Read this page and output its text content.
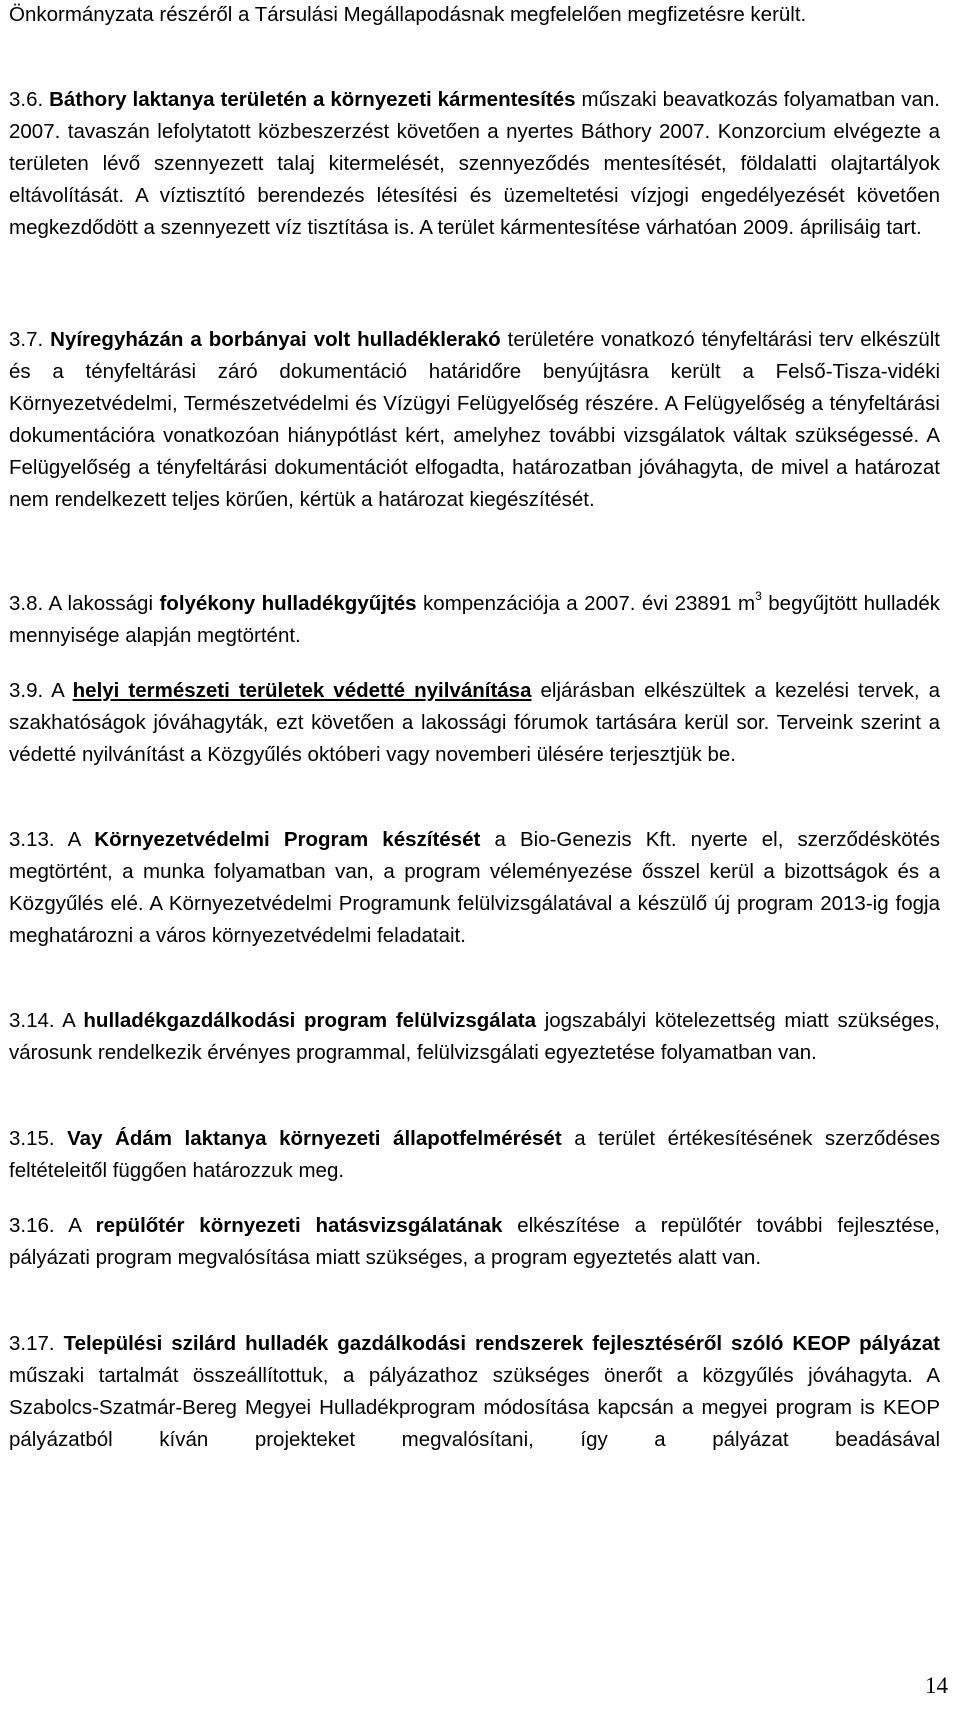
Önkormányzata részéről a Társulási Megállapodásnak megfelelően megfizetésre került.

3.6. Báthory laktanya területén a környezeti kármentesítés műszaki beavatkozás folyamatban van. 2007. tavaszán lefolytatott közbeszerzést követően a nyertes Báthory 2007. Konzorcium elvégezte a területen lévő szennyezett talaj kitermelését, szennyeződés mentesítését, földalatti olajtartályok eltávolítását. A víztisztító berendezés létesítési és üzemeltetési vízjogi engedélyezését követően megkezdődött a szennyezett víz tisztítása is. A terület kármentesítése várhatóan 2009. áprilisáig tart.

3.7. Nyíregyházán a borbányai volt hulladéklerakó területére vonatkozó tényfeltárási terv elkészült és a tényfeltárási záró dokumentáció határidőre benyújtásra került a Felső-Tisza-vidéki Környezetvédelmi, Természetvédelmi és Vízügyi Felügyelőség részére. A Felügyelőség a tényfeltárási dokumentációra vonatkozóan hiánypótlást kért, amelyhez további vizsgálatok váltak szükségessé. A Felügyelőség a tényfeltárási dokumentációt elfogadta, határozatban jóváhagyta, de mivel a határozat nem rendelkezett teljes körűen, kértük a határozat kiegészítését.

3.8. A lakossági folyékony hulladékgyűjtés kompenzációja a 2007. évi 23891 $m^3$ begyűjtött hulladék mennyisége alapján megtörtént.

3.9. A helyi természeti területek védetté nyilvánítása eljárásban elkészültek a kezelési tervek, a szakhatóságok jóváhagyták, ezt követően a lakossági fórumok tartására kerül sor. Terveink szerint a védetté nyilvánítást a Közgyűlés októberi vagy novemberi ülésére terjesztjük be.

3.13. A Környezetvédelmi Program készítését a Bio-Genezis Kft. nyerte el, szerződéskötés megtörtént, a munka folyamatban van, a program véleményezése ősszel kerül a bizottságok és a Közgyűlés elé. A Környezetvédelmi Programunk felülvizsgálatával a készülő új program 2013-ig fogja meghatározni a város környezetvédelmi feladatait.

3.14. A hulladékgazdálkodási program felülvizsgálata jogszabályi kötelezettség miatt szükséges, városunk rendelkezik érvényes programmal, felülvizsgálati egyeztetése folyamatban van.

3.15. Vay Ádám laktanya környezeti állapotfelmérését a terület értékesítésének szerződéses feltételeitől függően határozzuk meg.

3.16. A repülőtér környezeti hatásvizsgálatának elkészítése a repülőtér további fejlesztése, pályázati program megvalósítása miatt szükséges, a program egyeztetés alatt van.

3.17. Települési szilárd hulladék gazdálkodási rendszerek fejlesztéséről szóló KEOP pályázat műszaki tartalmát összeállítottuk, a pályázathoz szükséges önerőt a közgyűlés jóváhagyta. A Szabolcs-Szatmár-Bereg Megyei Hulladékprogram módosítása kapcsán a megyei program is KEOP pályázatból kíván projekteket megvalósítani, így a pályázat beadásával

14
